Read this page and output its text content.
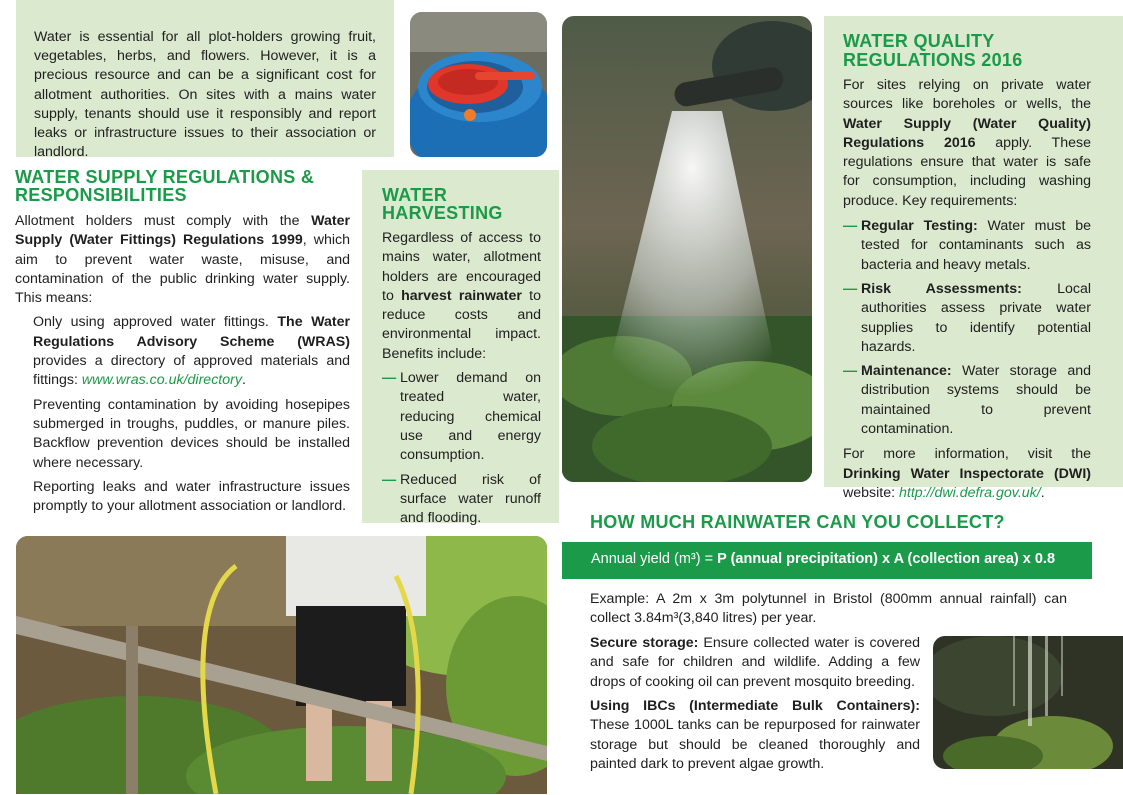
Water is essential for all plot-holders growing fruit, vegetables, herbs, and flowers. However, it is a precious resource and can be a significant cost for allotment authorities. On sites with a mains water supply, tenants should use it responsibly and report leaks or infrastructure issues to their association or landlord.

WATER QUALITY REGULATIONS 2016

For sites relying on private water sources like boreholes or wells, the Water Supply (Water Quality) Regulations 2016 apply. These regulations ensure that water is safe for consumption, including washing produce. Key requirements:

— Regular Testing: Water must be tested for contaminants such as bacteria and heavy metals.
— Risk Assessments: Local authorities assess private water supplies to identify potential hazards.
— Maintenance: Water storage and distribution systems should be maintained to prevent contamination.

For more information, visit the Drinking Water Inspectorate (DWI) website: http://dwi.defra.gov.uk/.

WATER SUPPLY REGULATIONS & RESPONSIBILITIES

Allotment holders must comply with the Water Supply (Water Fittings) Regulations 1999, which aim to prevent water waste, misuse, and contamination of the public drinking water supply. This means:

Only using approved water fittings. The Water Regulations Advisory Scheme (WRAS) provides a directory of approved materials and fittings: www.wras.co.uk/directory.

Preventing contamination by avoiding hosepipes submerged in troughs, puddles, or manure piles. Backflow prevention devices should be installed where necessary.

Reporting leaks and water infrastructure issues promptly to your allotment association or landlord.

WATER HARVESTING

Regardless of access to mains water, allotment holders are encouraged to harvest rainwater to reduce costs and environmental impact. Benefits include:

— Lower demand on treated water, reducing chemical use and energy consumption.
— Reduced risk of surface water runoff and flooding.	HOW MUCH RAINWATER CAN YOU COLLECT?
Annual yield (m³) = P (annual precipitation) x A (collection area) x 0.8

Example: A 2m x 3m polytunnel in Bristol (800mm annual rainfall) can collect 3.84m³(3,840 litres) per year.

Secure storage: Ensure collected water is covered and safe for children and wildlife. Adding a few drops of cooking oil can prevent mosquito breeding.

Using IBCs (Intermediate Bulk Containers): These 1000L tanks can be repurposed for rainwater storage but should be cleaned thoroughly and painted dark to prevent algae growth.
